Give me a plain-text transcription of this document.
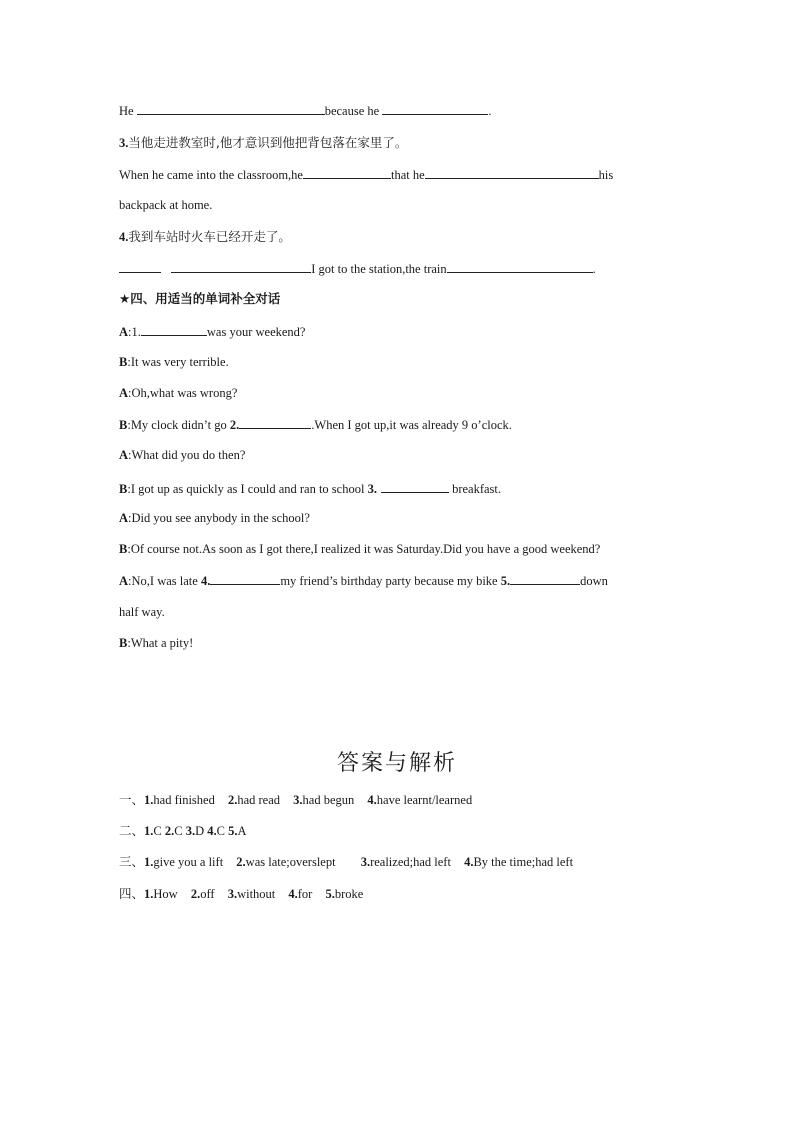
He	because he	.
3.当他走进教室时,他才意识到他把背包落在家里了。
When he came into the classroom,he	that he	his
backpack at home.
4.我到车站时火车已经开走了。
I got to the station,the train	.
★四、用适当的单词补全对话
A:1.	was your weekend?
B:It was very terrible.
A:Oh,what was wrong?
B:My clock didn’t go 2.	.When I got up,it was already 9 o’clock.
A:What did you do then?
B:I got up as quickly as I could and ran to school 3.	breakfast.
A:Did you see anybody in the school?
B:Of course not.As soon as I got there,I realized it was Saturday.Did you have a good weekend?
A:No,I was late 4.	my friend’s birthday party because my bike 5.	down
half way.
B:What a pity!
答案与解析
一、1.had finished 2.had read 3.had begun 4.have learnt/learned
二、1.C 2.C 3.D 4.C 5.A
三、1.give you a lift 2.was late;overslept 3.realized;had left 4.By the time;had left
四、1.How 2.off 3.without 4.for 5.broke
